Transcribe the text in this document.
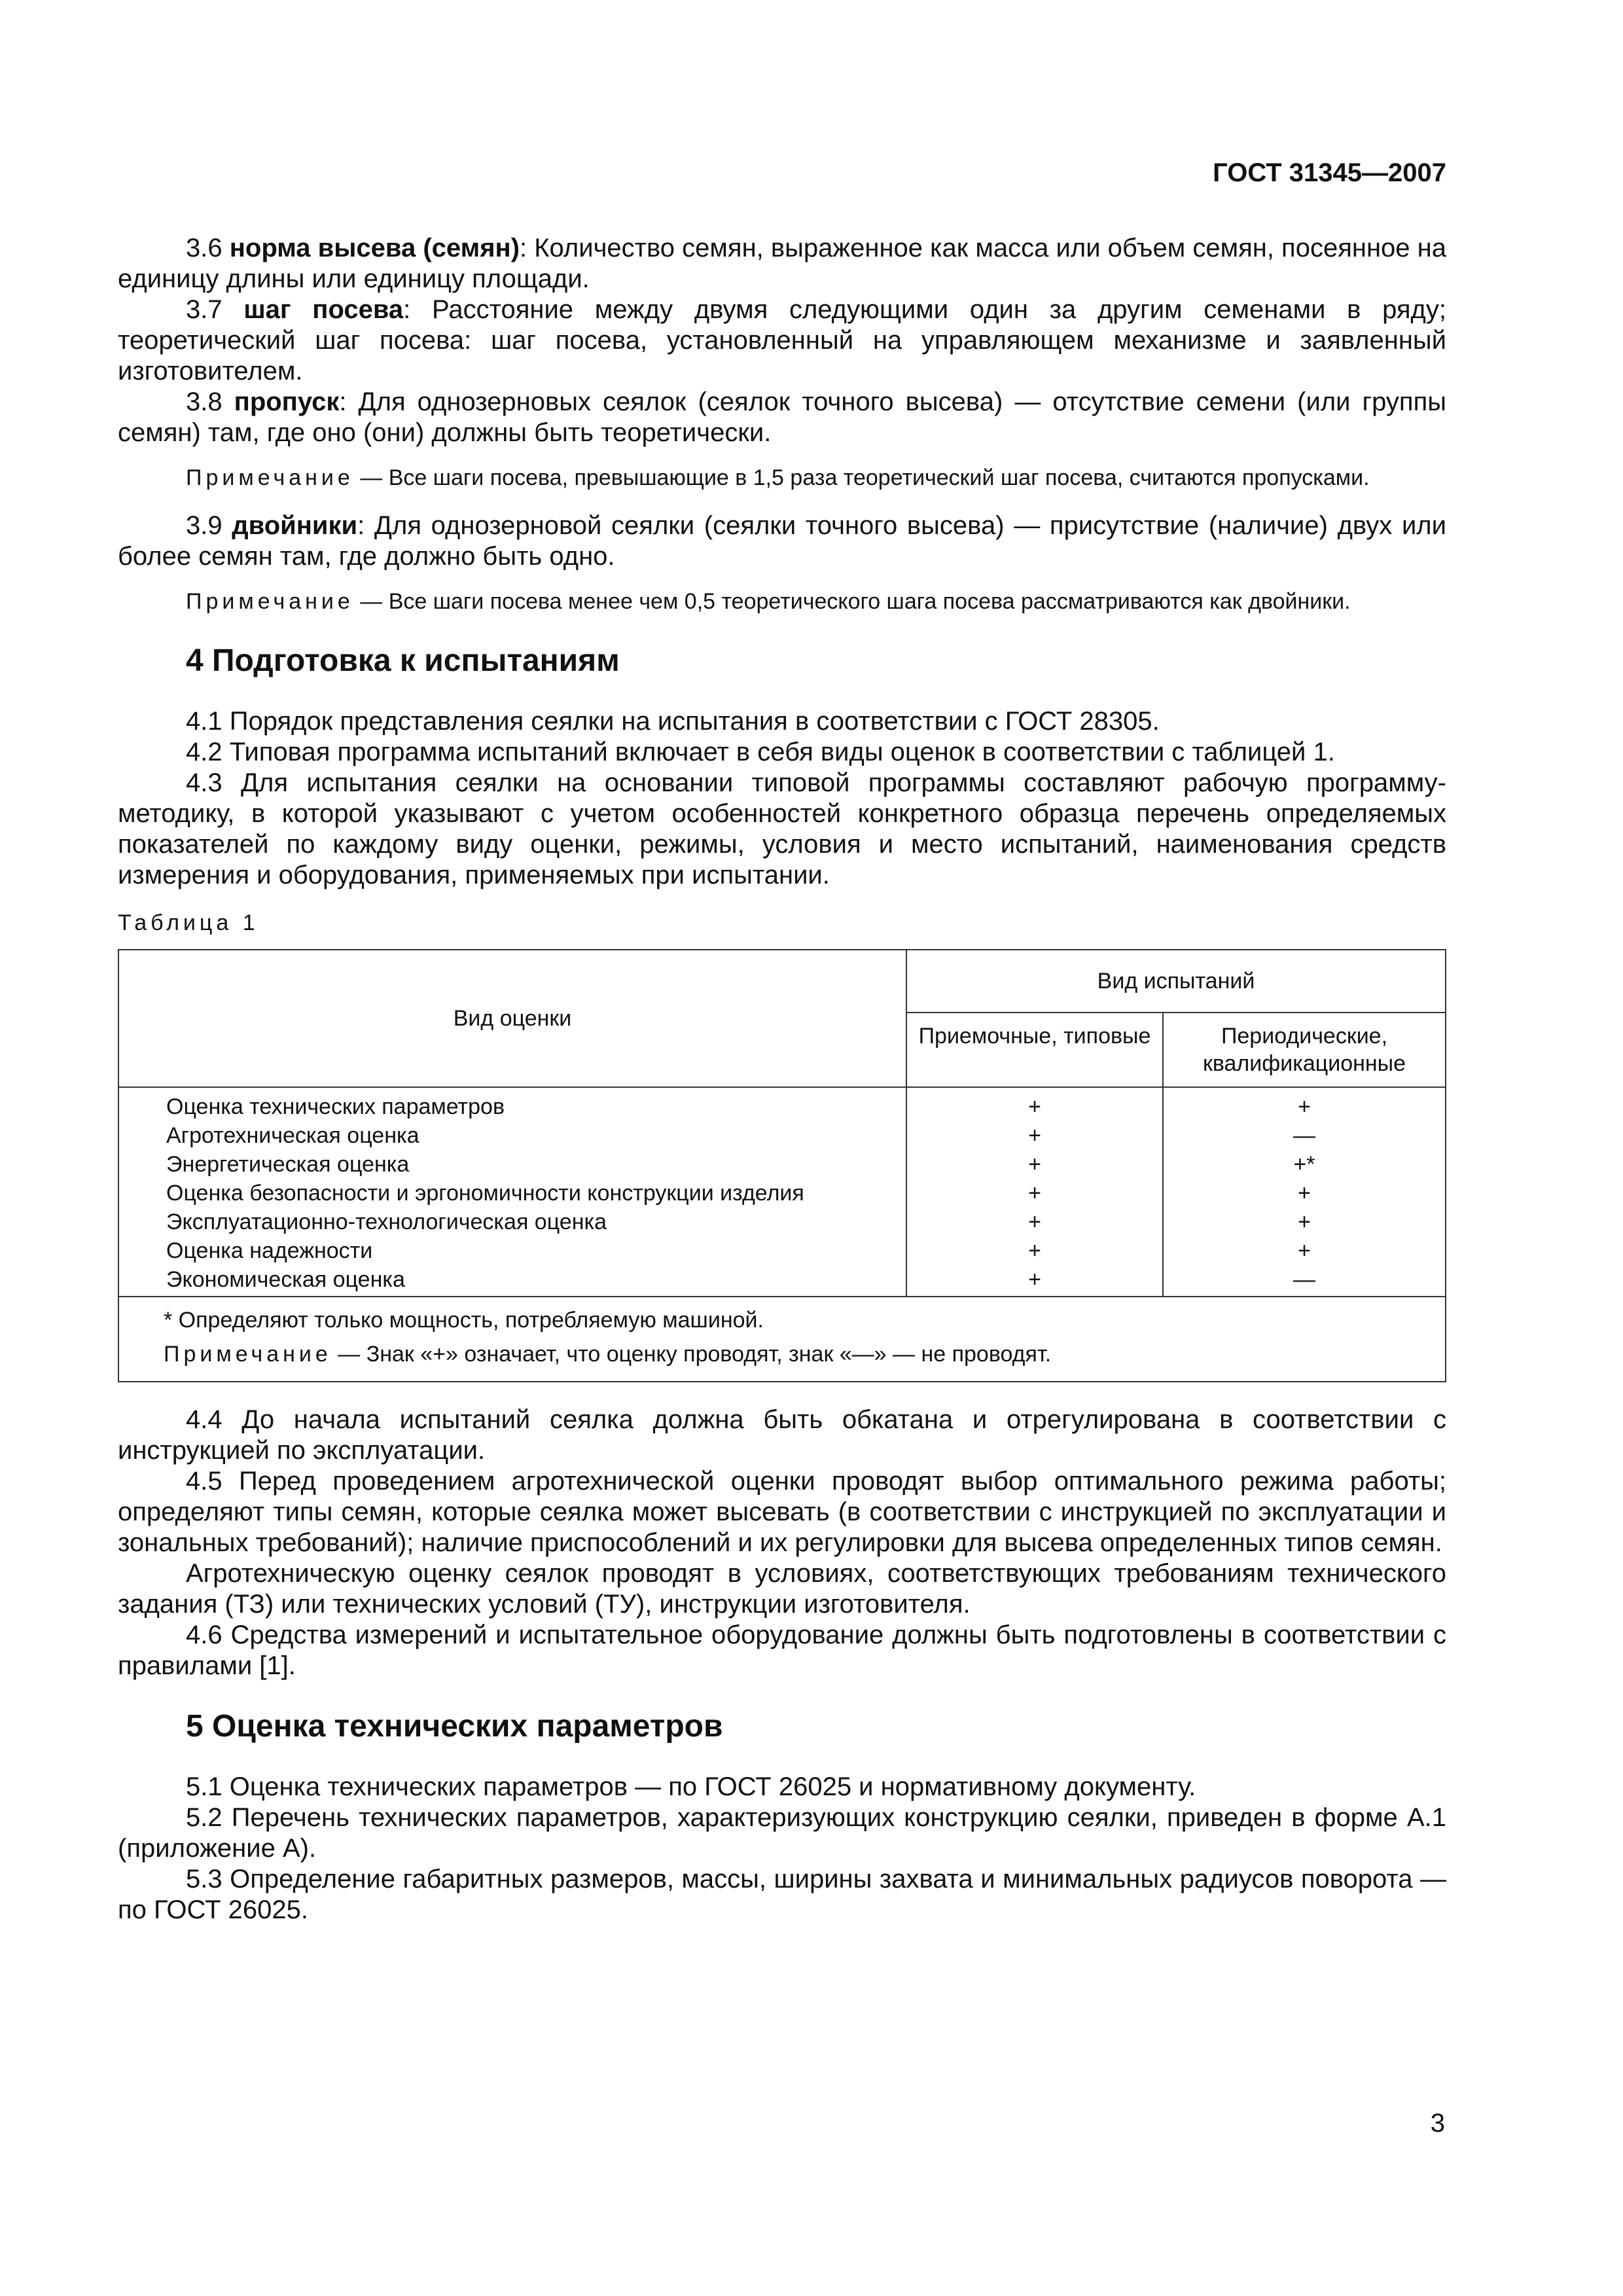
ГОСТ 31345—2007

3.6 норма высева (семян): Количество семян, выраженное как масса или объем семян, посеянное на единицу длины или единицу площади.

3.7 шаг посева: Расстояние между двумя следующими один за другим семенами в ряду; теоретический шаг посева: шаг посева, установленный на управляющем механизме и заявленный изготовителем.

3.8 пропуск: Для однозерновых сеялок (сеялок точного высева) — отсутствие семени (или группы семян) там, где оно (они) должны быть теоретически.

Примечание — Все шаги посева, превышающие в 1,5 раза теоретический шаг посева, считаются пропусками.

3.9 двойники: Для однозерновой сеялки (сеялки точного высева) — присутствие (наличие) двух или более семян там, где должно быть одно.

Примечание — Все шаги посева менее чем 0,5 теоретического шага посева рассматриваются как двойники.

4 Подготовка к испытаниям

4.1 Порядок представления сеялки на испытания в соответствии с ГОСТ 28305.

4.2 Типовая программа испытаний включает в себя виды оценок в соответствии с таблицей 1.

4.3 Для испытания сеялки на основании типовой программы составляют рабочую программу-методику, в которой указывают с учетом особенностей конкретного образца перечень определяемых показателей по каждому виду оценки, режимы, условия и место испытаний, наименования средств измерения и оборудования, применяемых при испытании.

Таблица 1
Вид оценки	Вид испытаний	
	Приемочные, типовые	Периодические, квалификационные
Оценка технических параметров	+	+
Агротехническая оценка	+	—
Энергетическая оценка	+	+*
Оценка безопасности и эргономичности конструкции изделия	+	+
Эксплуатационно-технологическая оценка	+	+
Оценка надежности	+	+
Экономическая оценка	+	—

* Определяют только мощность, потребляемую машиной.

Примечание — Знак «+» означает, что оценку проводят, знак «—» — не проводят.		

4.4 До начала испытаний сеялка должна быть обкатана и отрегулирована в соответствии с инструкцией по эксплуатации.

4.5 Перед проведением агротехнической оценки проводят выбор оптимального режима работы; определяют типы семян, которые сеялка может высевать (в соответствии с инструкцией по эксплуатации и зональных требований); наличие приспособлений и их регулировки для высева определенных типов семян.

Агротехническую оценку сеялок проводят в условиях, соответствующих требованиям технического задания (ТЗ) или технических условий (ТУ), инструкции изготовителя.

4.6 Средства измерений и испытательное оборудование должны быть подготовлены в соответствии с правилами [1].

5 Оценка технических параметров

5.1 Оценка технических параметров — по ГОСТ 26025 и нормативному документу.

5.2 Перечень технических параметров, характеризующих конструкцию сеялки, приведен в форме А.1 (приложение А).

5.3 Определение габаритных размеров, массы, ширины захвата и минимальных радиусов поворота — по ГОСТ 26025.

3
